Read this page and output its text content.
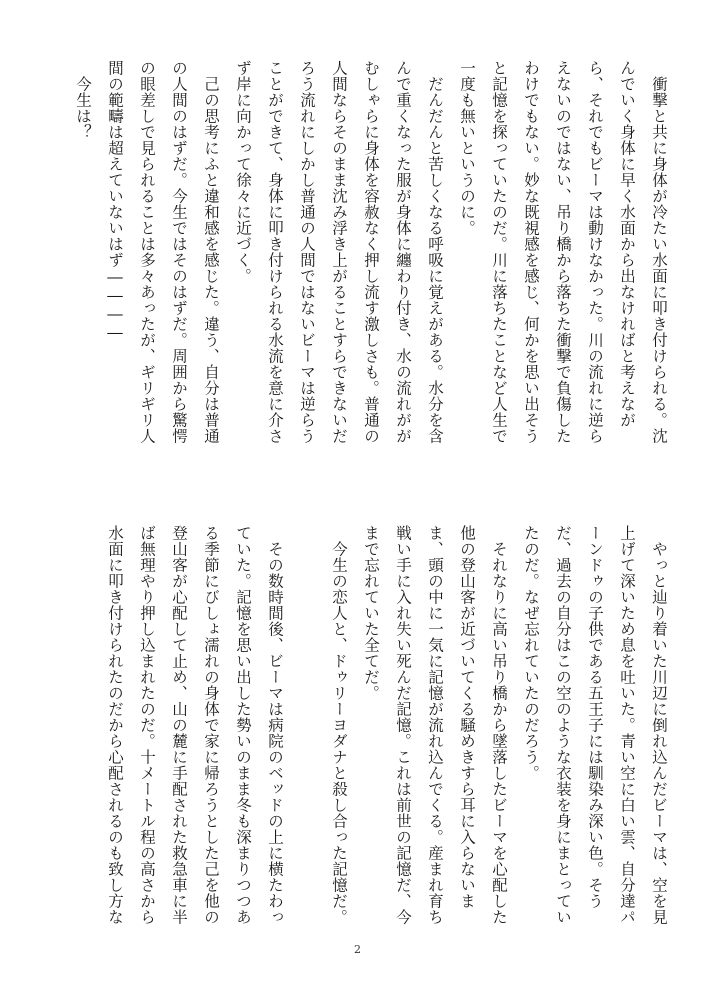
衝撃と共に身体が冷たい水面に叩き付けられる。沈んでいく身体に早く水面から出なければと考えながら、それでもビーマは動けなかった。川の流れに逆らえないのではない、吊り橋から落ちた衝撃で負傷したわけでもない。妙な既視感を感じ、何かを思い出そうと記憶を探っていたのだ。川に落ちたことなど人生で一度も無いというのに。

だんだんと苦しくなる呼吸に覚えがある。水分を含んで重くなった服が身体に纏わり付き、水の流れががむしゃらに身体を容赦なく押し流す激しさも。普通の人間ならそのまま沈み浮き上がることすらできないだろう流れにしかし普通の人間ではないビーマは逆らうことができて、身体に叩き付けられる水流を意に介さず岸に向かって徐々に近づく。

己の思考にふと違和感を感じた。違う、自分は普通の人間のはずだ。今生ではそのはずだ。周囲から驚愕の眼差しで見られることは多々あったが、ギリギリ人間の範疇は超えていないはず――――

今生は？

やっと辿り着いた川辺に倒れ込んだビーマは、空を見上げて深いため息を吐いた。青い空に白い雲、自分達パーンドゥの子供である五王子には馴染み深い色。そうだ、過去の自分はこの空のような衣装を身にまとっていたのだ。なぜ忘れていたのだろう。

それなりに高い吊り橋から墜落したビーマを心配した他の登山客が近づいてくる騒めきすら耳に入らないまま、頭の中に一気に記憶が流れ込んでくる。産まれ育ち戦い手に入れ失い死んだ記憶。これは前世の記憶だ、今まで忘れていた全てだ。

今生の恋人と、ドゥリーヨダナと殺し合った記憶だ。

その数時間後、ビーマは病院のベッドの上に横たわっていた。記憶を思い出した勢いのまま冬も深まりつつある季節にびしょ濡れの身体で家に帰ろうとした己を他の登山客が心配して止め、山の麓に手配された救急車に半ば無理やり押し込まれたのだ。十メートル程の高さから水面に叩き付けられたのだから心配されるのも致し方な

2
